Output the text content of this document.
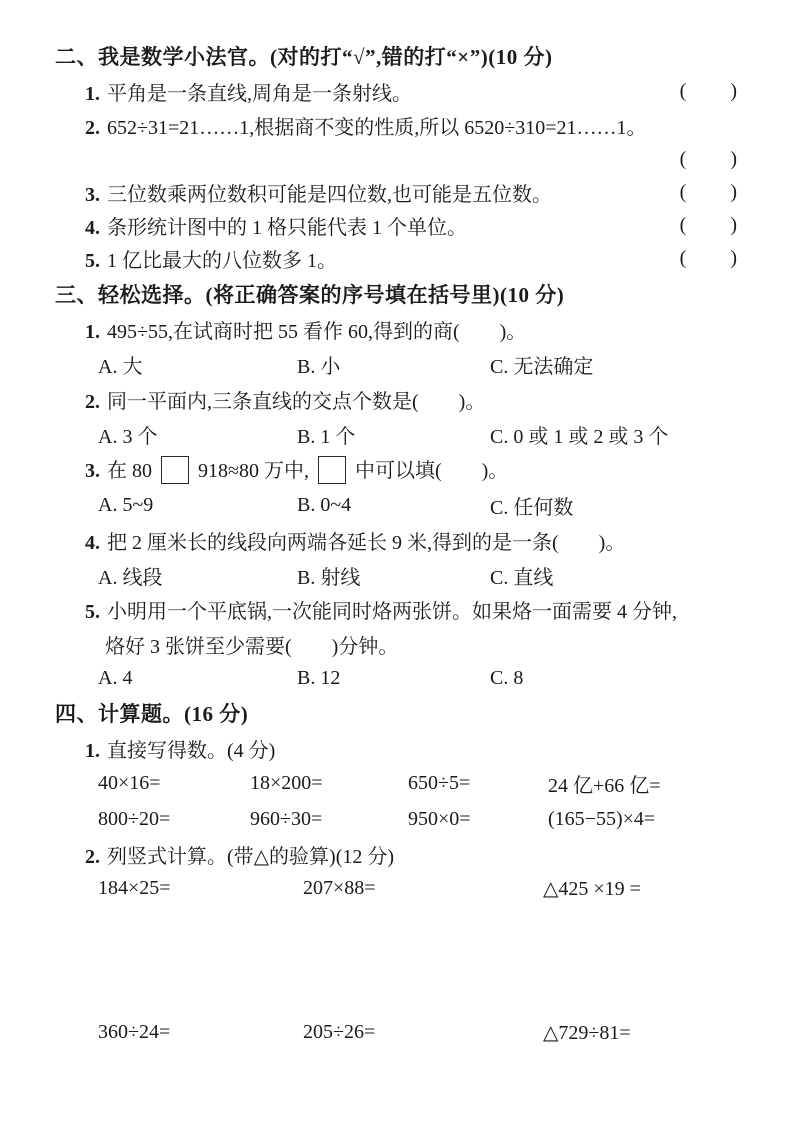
二、我是数学小法官。(对的打“√”,错的打“×”)(10 分)
1. 平角是一条直线,周角是一条射线。	( )
2. 652÷31=21……1,根据商不变的性质,所以 6520÷310=21……1。
( )
3. 三位数乘两位数积可能是四位数,也可能是五位数。	( )
4. 条形统计图中的 1 格只能代表 1 个单位。	( )
5. 1 亿比最大的八位数多 1。	( )
三、轻松选择。(将正确答案的序号填在括号里)(10 分)
1. 495÷55,在试商时把 55 看作 60,得到的商(　　)。
A. 大	B. 小	C. 无法确定
2. 同一平面内,三条直线的交点个数是(　　)。
A. 3 个	B. 1 个	C. 0 或 1 或 2 或 3 个
3. 在 80 918≈80 万中, 中可以填(　　)。
A. 5~9	B. 0~4	C. 任何数
4. 把 2 厘米长的线段向两端各延长 9 米,得到的是一条(　　)。
A. 线段	B. 射线	C. 直线
5. 小明用一个平底锅,一次能同时烙两张饼。如果烙一面需要 4 分钟,
烙好 3 张饼至少需要(　　)分钟。
A. 4	B. 12	C. 8
四、计算题。(16 分)
1. 直接写得数。(4 分)
40×16=	18×200=	650÷5=	24 亿+66 亿=
800÷20=	960÷30=	950×0=	(165−55)×4=
2. 列竖式计算。(带△的验算)(12 分)
184×25=	207×88=	△425 ×19 =
360÷24=	205÷26=	△729÷81=
